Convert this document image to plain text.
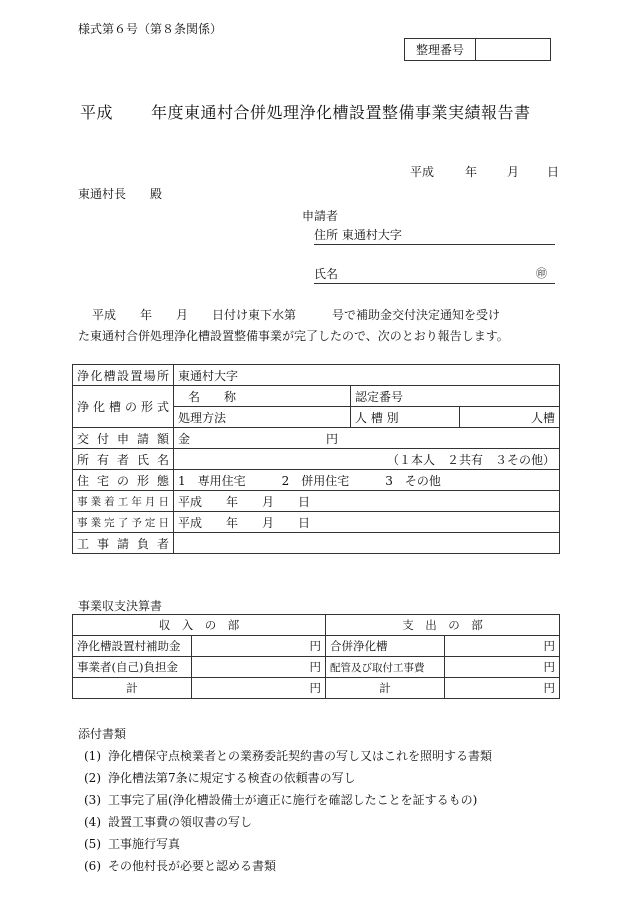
様式第６号（第８条関係）
整理番号
平成 年度東通村合併処理浄化槽設置整備事業実績報告書
平成	年 月 日
東通村長　　殿
申請者
住所 東通村大字
氏名	㊞
平成　　年　　月　　日付け東下水第　　　号で補助金交付決定通知を受け
た東通村合併処理浄化槽設置整備事業が完了したので、次のとおり報告します。
浄化槽設置場所	東通村大字		
浄化槽の形式	名　　称	認定番号	
	処理方法	人 槽 別	人槽
交付申請額	金 円		
所有者氏名	（１本人　２共有　３その他）		
住宅の形態	1　専用住宅　　　2　併用住宅　　　3　その他		
事業着工年月日	平成　　年　　月　　日		
事業完了予定日	平成　　年　　月　　日		
工事請負者			
事業収支決算書
収　入　の　部		支　出　の　部	
浄化槽設置村補助金	円	合併浄化槽	円
事業者(自己)負担金	円	配管及び取付工事費	円
計	円	計	円
添付書類
(1) 浄化槽保守点検業者との業務委託契約書の写し又はこれを照明する書類
(2) 浄化槽法第7条に規定する検査の依頼書の写し
(3) 工事完了届(浄化槽設備士が適正に施行を確認したことを証するもの)
(4) 設置工事費の領収書の写し
(5) 工事施行写真
(6) その他村長が必要と認める書類
